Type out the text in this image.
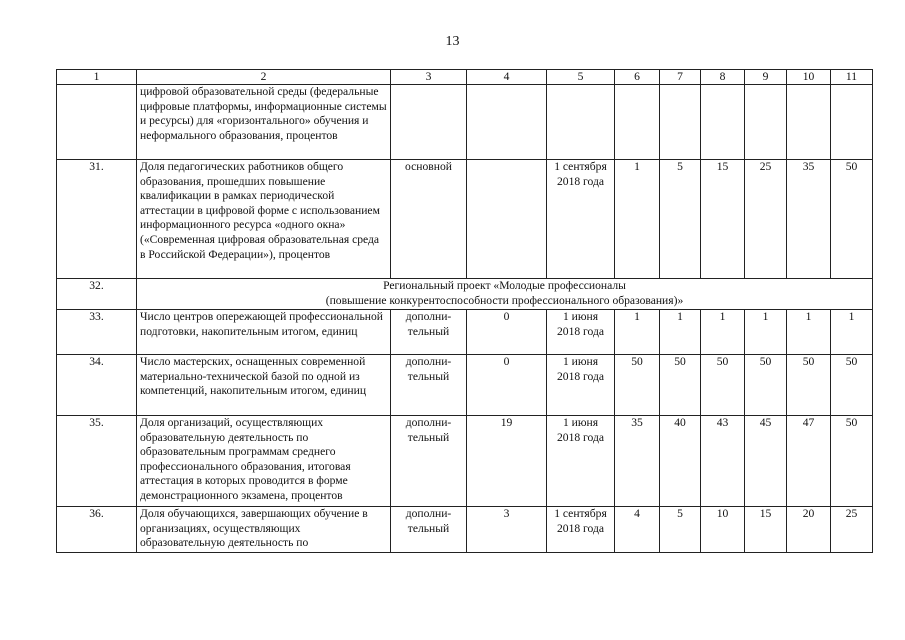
13
1	2	3	4	5	6	7	8	9	10	11
	цифровой образовательной среды (федеральные цифровые платформы, информационные системы и ресурсы) для «горизонтального» обучения и неформального образования, процентов									
31.	Доля педагогических работников общего образования, прошедших повышение квалификации в рамках периодической аттестации в цифровой форме с использованием информационного ресурса «одного окна» («Современная цифровая образовательная среда в Российской Федерации»), процентов	основной		1 сентября 2018 года	1	5	15	25	35	50
32.	Региональный проект «Молодые профессионалы
(повышение конкурентоспособности профессионального образования)»									

33.	Число центров опережающей профессиональной подготовки, накопительным итогом, единиц	дополни-тельный	0	1 июня 2018 года	1	1	1	1	1	1
34.	Число мастерских, оснащенных современной материально-технической базой по одной из компетенций, накопительным итогом, единиц	дополни-тельный	0	1 июня 2018 года	50	50	50	50	50	50
35.	Доля организаций, осуществляющих образовательную деятельность по образовательным программам среднего профессионального образования, итоговая аттестация в которых проводится в форме демонстрационного экзамена, процентов	дополни-тельный	19	1 июня 2018 года	35	40	43	45	47	50
36.	Доля обучающихся, завершающих обучение в организациях, осуществляющих образовательную деятельность по	дополни-тельный	3	1 сентября 2018 года	4	5	10	15	20	25
